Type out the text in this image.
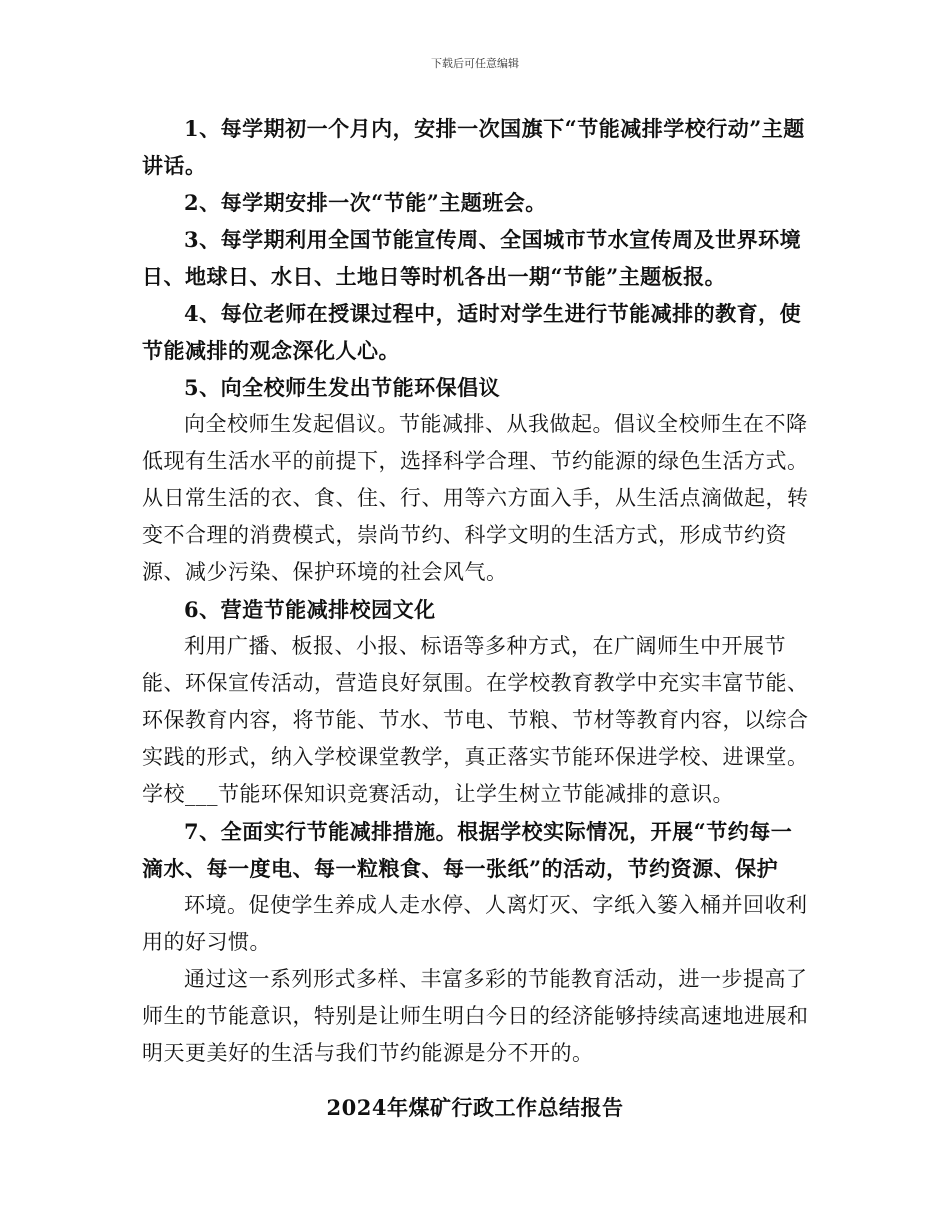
下载后可任意编辑

1、每学期初一个月内，安排一次国旗下“节能减排学校行动”主题讲话。

2、每学期安排一次“节能”主题班会。

3、每学期利用全国节能宣传周、全国城市节水宣传周及世界环境日、地球日、水日、土地日等时机各出一期“节能”主题板报。

4、每位老师在授课过程中，适时对学生进行节能减排的教育，使节能减排的观念深化人心。

5、向全校师生发出节能环保倡议

向全校师生发起倡议。节能减排、从我做起。倡议全校师生在不降低现有生活水平的前提下，选择科学合理、节约能源的绿色生活方式。从日常生活的衣、食、住、行、用等六方面入手，从生活点滴做起，转变不合理的消费模式，崇尚节约、科学文明的生活方式，形成节约资源、减少污染、保护环境的社会风气。

6、营造节能减排校园文化

利用广播、板报、小报、标语等多种方式，在广阔师生中开展节能、环保宣传活动，营造良好氛围。在学校教育教学中充实丰富节能、环保教育内容，将节能、节水、节电、节粮、节材等教育内容，以综合实践的形式，纳入学校课堂教学，真正落实节能环保进学校、进课堂。学校___节能环保知识竞赛活动，让学生树立节能减排的意识。

7、全面实行节能减排措施。根据学校实际情况，开展“节约每一滴水、每一度电、每一粒粮食、每一张纸”的活动，节约资源、保护

环境。促使学生养成人走水停、人离灯灭、字纸入篓入桶并回收利用的好习惯。

通过这一系列形式多样、丰富多彩的节能教育活动，进一步提高了师生的节能意识，特别是让师生明白今日的经济能够持续高速地进展和明天更美好的生活与我们节约能源是分不开的。

2024年煤矿行政工作总结报告
